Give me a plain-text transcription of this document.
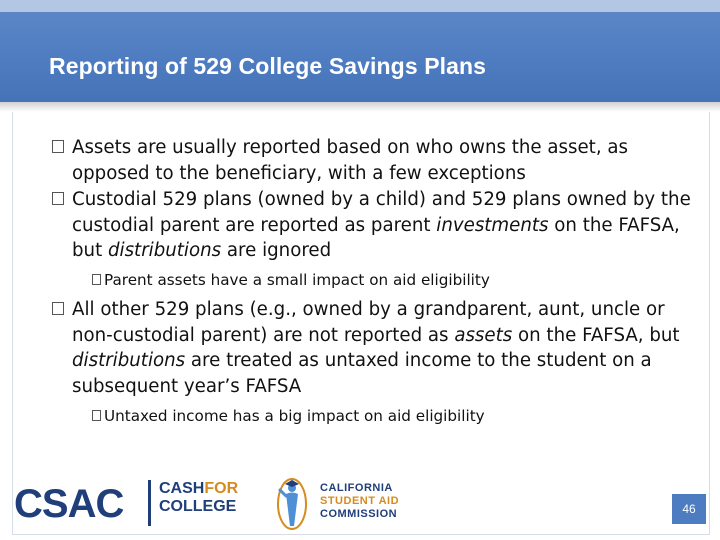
Reporting of 529 College Savings Plans
Assets are usually reported based on who owns the asset, as opposed to the beneficiary, with a few exceptions
Custodial 529 plans (owned by a child) and 529 plans owned by the custodial parent are reported as parent investments on the FAFSA, but distributions are ignored
Parent assets have a small impact on aid eligibility
All other 529 plans (e.g., owned by a grandparent, aunt, uncle or non-custodial parent) are not reported as assets on the FAFSA, but distributions are treated as untaxed income to the student on a subsequent year’s FAFSA
Untaxed income has a big impact on aid eligibility
CSAC CASHFOR
COLLEGE
CALIFORNIA
STUDENT AID
COMMISSION	46
